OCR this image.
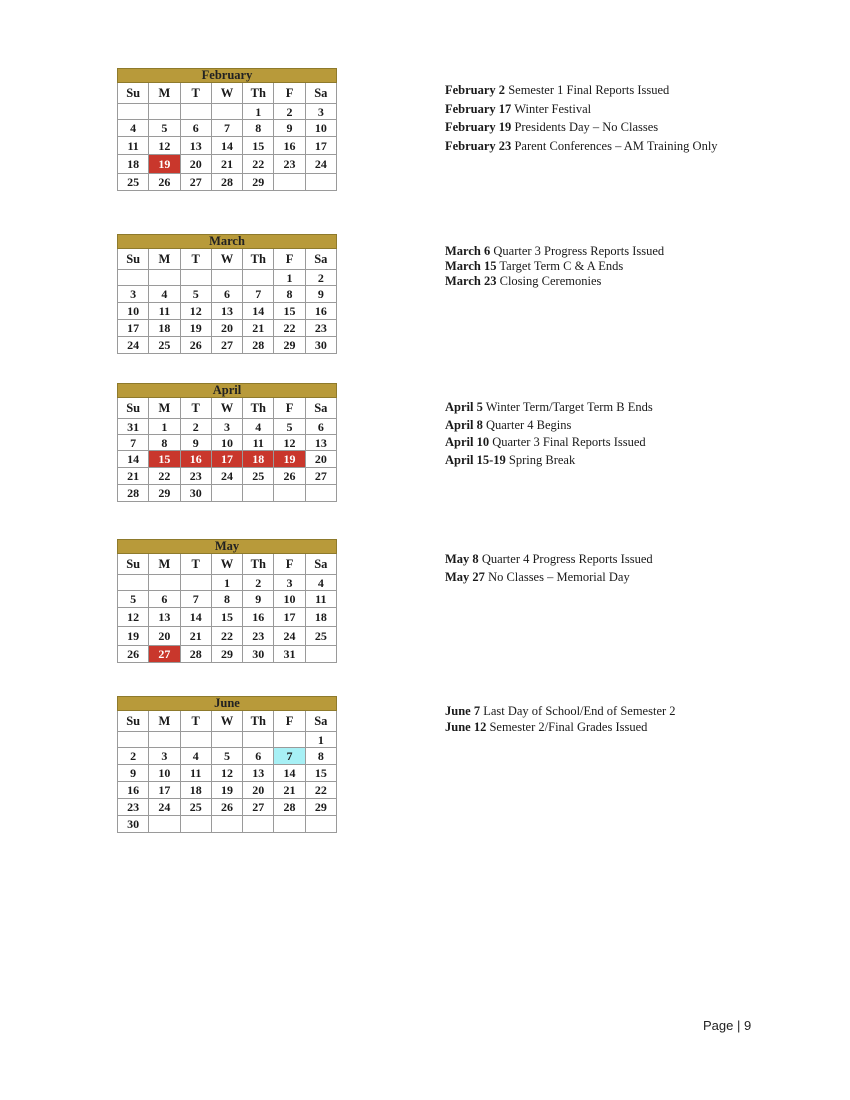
February						
Su	M	T	W	Th	F	Sa
				1	2	3
4	5	6	7	8	9	10
11	12	13	14	15	16	17
18	19	20	21	22	23	24
25	26	27	28	29		
February 2 Semester 1 Final Reports Issued
February 17 Winter Festival
February 19 Presidents Day – No Classes
February 23 Parent Conferences – AM Training Only
March						
Su	M	T	W	Th	F	Sa
					1	2
3	4	5	6	7	8	9
10	11	12	13	14	15	16
17	18	19	20	21	22	23
24	25	26	27	28	29	30
March 6 Quarter 3 Progress Reports Issued
March 15 Target Term C & A Ends
March 23 Closing Ceremonies
April						
Su	M	T	W	Th	F	Sa
31	1	2	3	4	5	6
7	8	9	10	11	12	13
14	15	16	17	18	19	20
21	22	23	24	25	26	27
28	29	30				
April 5 Winter Term/Target Term B Ends
April 8 Quarter 4 Begins
April 10 Quarter 3 Final Reports Issued
April 15-19 Spring Break
May						
Su	M	T	W	Th	F	Sa
			1	2	3	4
5	6	7	8	9	10	11
12	13	14	15	16	17	18
19	20	21	22	23	24	25
26	27	28	29	30	31	
May 8 Quarter 4 Progress Reports Issued
May 27 No Classes – Memorial Day
June						
Su	M	T	W	Th	F	Sa
						1
2	3	4	5	6	7	8
9	10	11	12	13	14	15
16	17	18	19	20	21	22
23	24	25	26	27	28	29
30						
June 7 Last Day of School/End of Semester 2
June 12 Semester 2/Final Grades Issued
Page | 9
